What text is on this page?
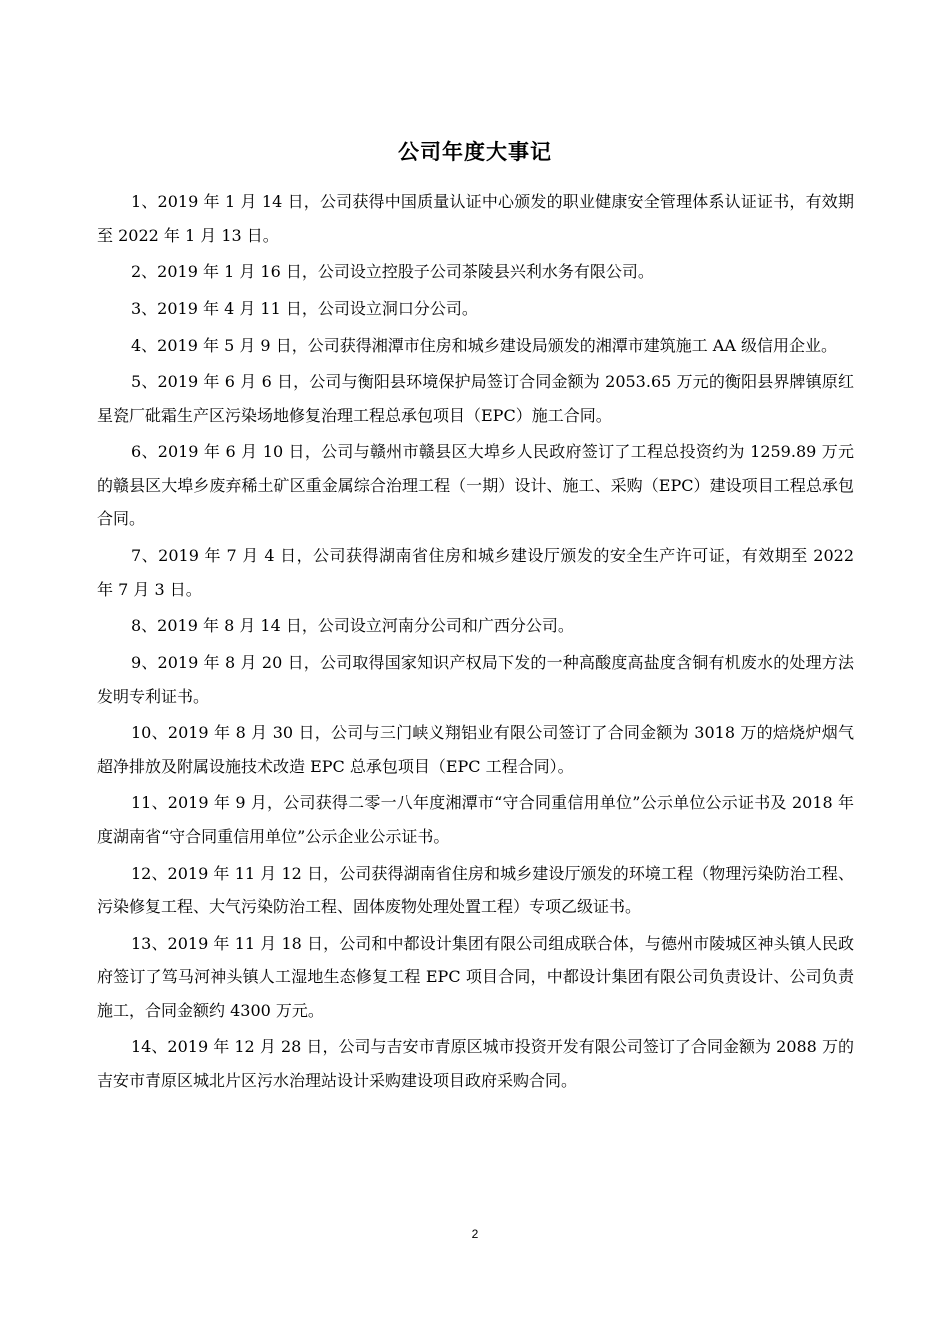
公司年度大事记
1、2019 年 1 月 14 日，公司获得中国质量认证中心颁发的职业健康安全管理体系认证证书，有效期至 2022 年 1 月 13 日。
2、2019 年 1 月 16 日，公司设立控股子公司茶陵县兴利水务有限公司。
3、2019 年 4 月 11 日，公司设立洞口分公司。
4、2019 年 5 月 9 日，公司获得湘潭市住房和城乡建设局颁发的湘潭市建筑施工 AA 级信用企业。
5、2019 年 6 月 6 日，公司与衡阳县环境保护局签订合同金额为 2053.65 万元的衡阳县界牌镇原红星瓷厂砒霜生产区污染场地修复治理工程总承包项目（EPC）施工合同。
6、2019 年 6 月 10 日，公司与赣州市赣县区大埠乡人民政府签订了工程总投资约为 1259.89 万元的赣县区大埠乡废弃稀土矿区重金属综合治理工程（一期）设计、施工、采购（EPC）建设项目工程总承包合同。
7、2019 年 7 月 4 日，公司获得湖南省住房和城乡建设厅颁发的安全生产许可证，有效期至 2022 年 7 月 3 日。
8、2019 年 8 月 14 日，公司设立河南分公司和广西分公司。
9、2019 年 8 月 20 日，公司取得国家知识产权局下发的一种高酸度高盐度含铜有机废水的处理方法发明专利证书。
10、2019 年 8 月 30 日，公司与三门峡义翔铝业有限公司签订了合同金额为 3018 万的焙烧炉烟气超净排放及附属设施技术改造 EPC 总承包项目（EPC 工程合同）。
11、2019 年 9 月，公司获得二零一八年度湘潭市“守合同重信用单位”公示单位公示证书及 2018 年度湖南省“守合同重信用单位”公示企业公示证书。
12、2019 年 11 月 12 日，公司获得湖南省住房和城乡建设厅颁发的环境工程（物理污染防治工程、污染修复工程、大气污染防治工程、固体废物处理处置工程）专项乙级证书。
13、2019 年 11 月 18 日，公司和中都设计集团有限公司组成联合体，与德州市陵城区神头镇人民政府签订了笃马河神头镇人工湿地生态修复工程 EPC 项目合同，中都设计集团有限公司负责设计、公司负责施工，合同金额约 4300 万元。
14、2019 年 12 月 28 日，公司与吉安市青原区城市投资开发有限公司签订了合同金额为 2088 万的吉安市青原区城北片区污水治理站设计采购建设项目政府采购合同。
2
